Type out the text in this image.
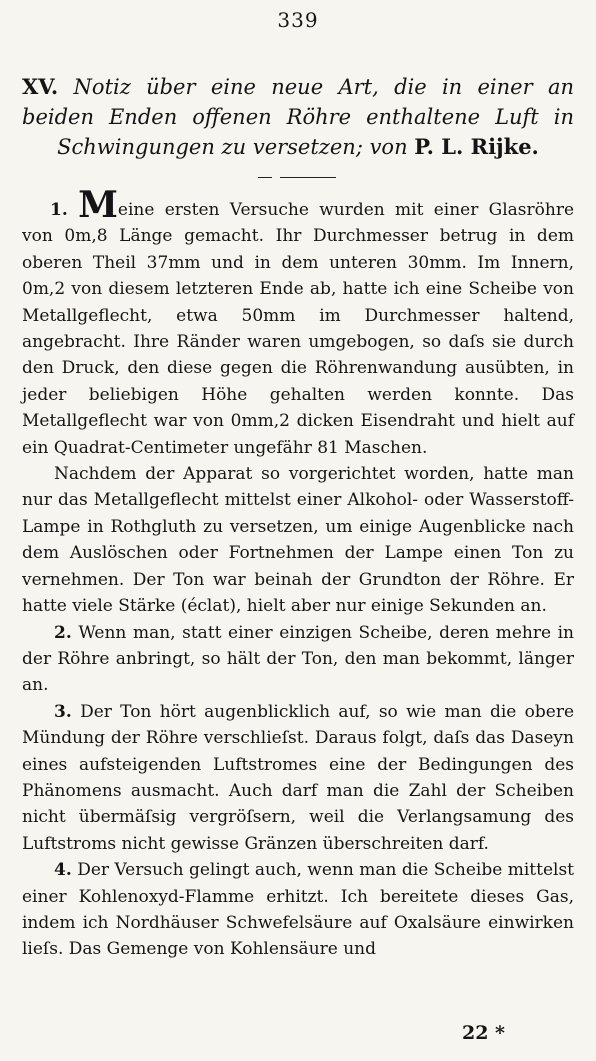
339
XV. Notiz über eine neue Art, die in einer an beiden Enden offenen Röhre enthaltene Luft in Schwingungen zu versetzen; von P. L. Rijke.

1. Meine ersten Versuche wurden mit einer Glasröhre von 0m,8 Länge gemacht. Ihr Durchmesser betrug in dem oberen Theil 37mm und in dem unteren 30mm. Im Innern, 0m,2 von diesem letzteren Ende ab, hatte ich eine Scheibe von Metallgeflecht, etwa 50mm im Durchmesser haltend, angebracht. Ihre Ränder waren umgebogen, so daſs sie durch den Druck, den diese gegen die Röhrenwandung ausübten, in jeder beliebigen Höhe gehalten werden konnte. Das Metallgeflecht war von 0mm,2 dicken Eisendraht und hielt auf ein Quadrat-Centimeter ungefähr 81 Maschen.

Nachdem der Apparat so vorgerichtet worden, hatte man nur das Metallgeflecht mittelst einer Alkohol- oder Wasserstoff-Lampe in Rothgluth zu versetzen, um einige Augenblicke nach dem Auslöschen oder Fortnehmen der Lampe einen Ton zu vernehmen. Der Ton war beinah der Grundton der Röhre. Er hatte viele Stärke (éclat), hielt aber nur einige Sekunden an.

2. Wenn man, statt einer einzigen Scheibe, deren mehre in der Röhre anbringt, so hält der Ton, den man bekommt, länger an.

3. Der Ton hört augenblicklich auf, so wie man die obere Mündung der Röhre verschlieſst. Daraus folgt, daſs das Daseyn eines aufsteigenden Luftstromes eine der Bedingungen des Phänomens ausmacht. Auch darf man die Zahl der Scheiben nicht übermäſsig vergröſsern, weil die Verlangsamung des Luftstroms nicht gewisse Gränzen überschreiten darf.

4. Der Versuch gelingt auch, wenn man die Scheibe mittelst einer Kohlenoxyd-Flamme erhitzt. Ich bereitete dieses Gas, indem ich Nordhäuser Schwefelsäure auf Oxalsäure einwirken lieſs. Das Gemenge von Kohlensäure und

22 *
